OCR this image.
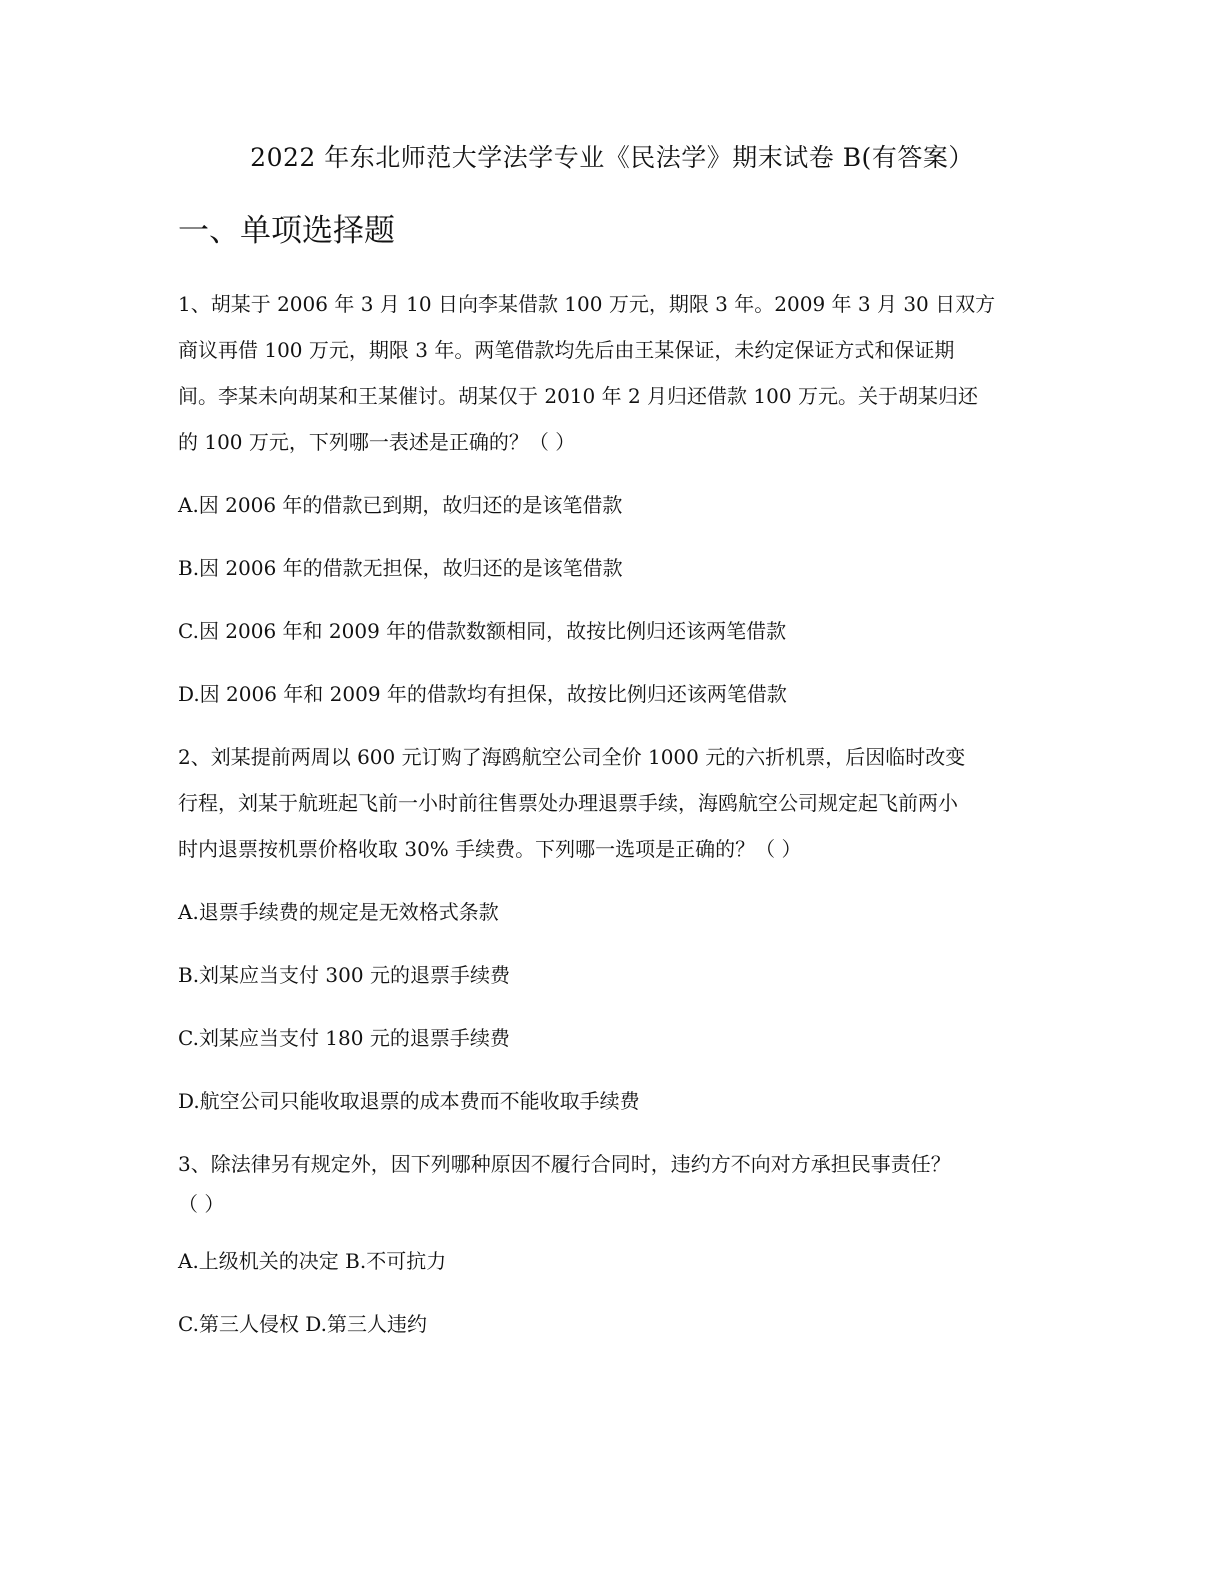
2022 年东北师范大学法学专业《民法学》期末试卷 B(有答案）
一、单项选择题
1、胡某于 2006 年 3 月 10 日向李某借款 100 万元，期限 3 年。2009 年 3 月 30 日双方
商议再借 100 万元，期限 3 年。两笔借款均先后由王某保证，未约定保证方式和保证期
间。李某未向胡某和王某催讨。胡某仅于 2010 年 2 月归还借款 100 万元。关于胡某归还
的 100 万元，下列哪一表述是正确的？（ ）
A.因 2006 年的借款已到期，故归还的是该笔借款
B.因 2006 年的借款无担保，故归还的是该笔借款
C.因 2006 年和 2009 年的借款数额相同，故按比例归还该两笔借款
D.因 2006 年和 2009 年的借款均有担保，故按比例归还该两笔借款
2、刘某提前两周以 600 元订购了海鸥航空公司全价 1000 元的六折机票，后因临时改变
行程，刘某于航班起飞前一小时前往售票处办理退票手续，海鸥航空公司规定起飞前两小
时内退票按机票价格收取 30% 手续费。下列哪一选项是正确的？（ ）
A.退票手续费的规定是无效格式条款
B.刘某应当支付 300 元的退票手续费
C.刘某应当支付 180 元的退票手续费
D.航空公司只能收取退票的成本费而不能收取手续费
3、除法律另有规定外，因下列哪种原因不履行合同时，违约方不向对方承担民事责任？
（ ）
A.上级机关的决定 B.不可抗力
C.第三人侵权 D.第三人违约
